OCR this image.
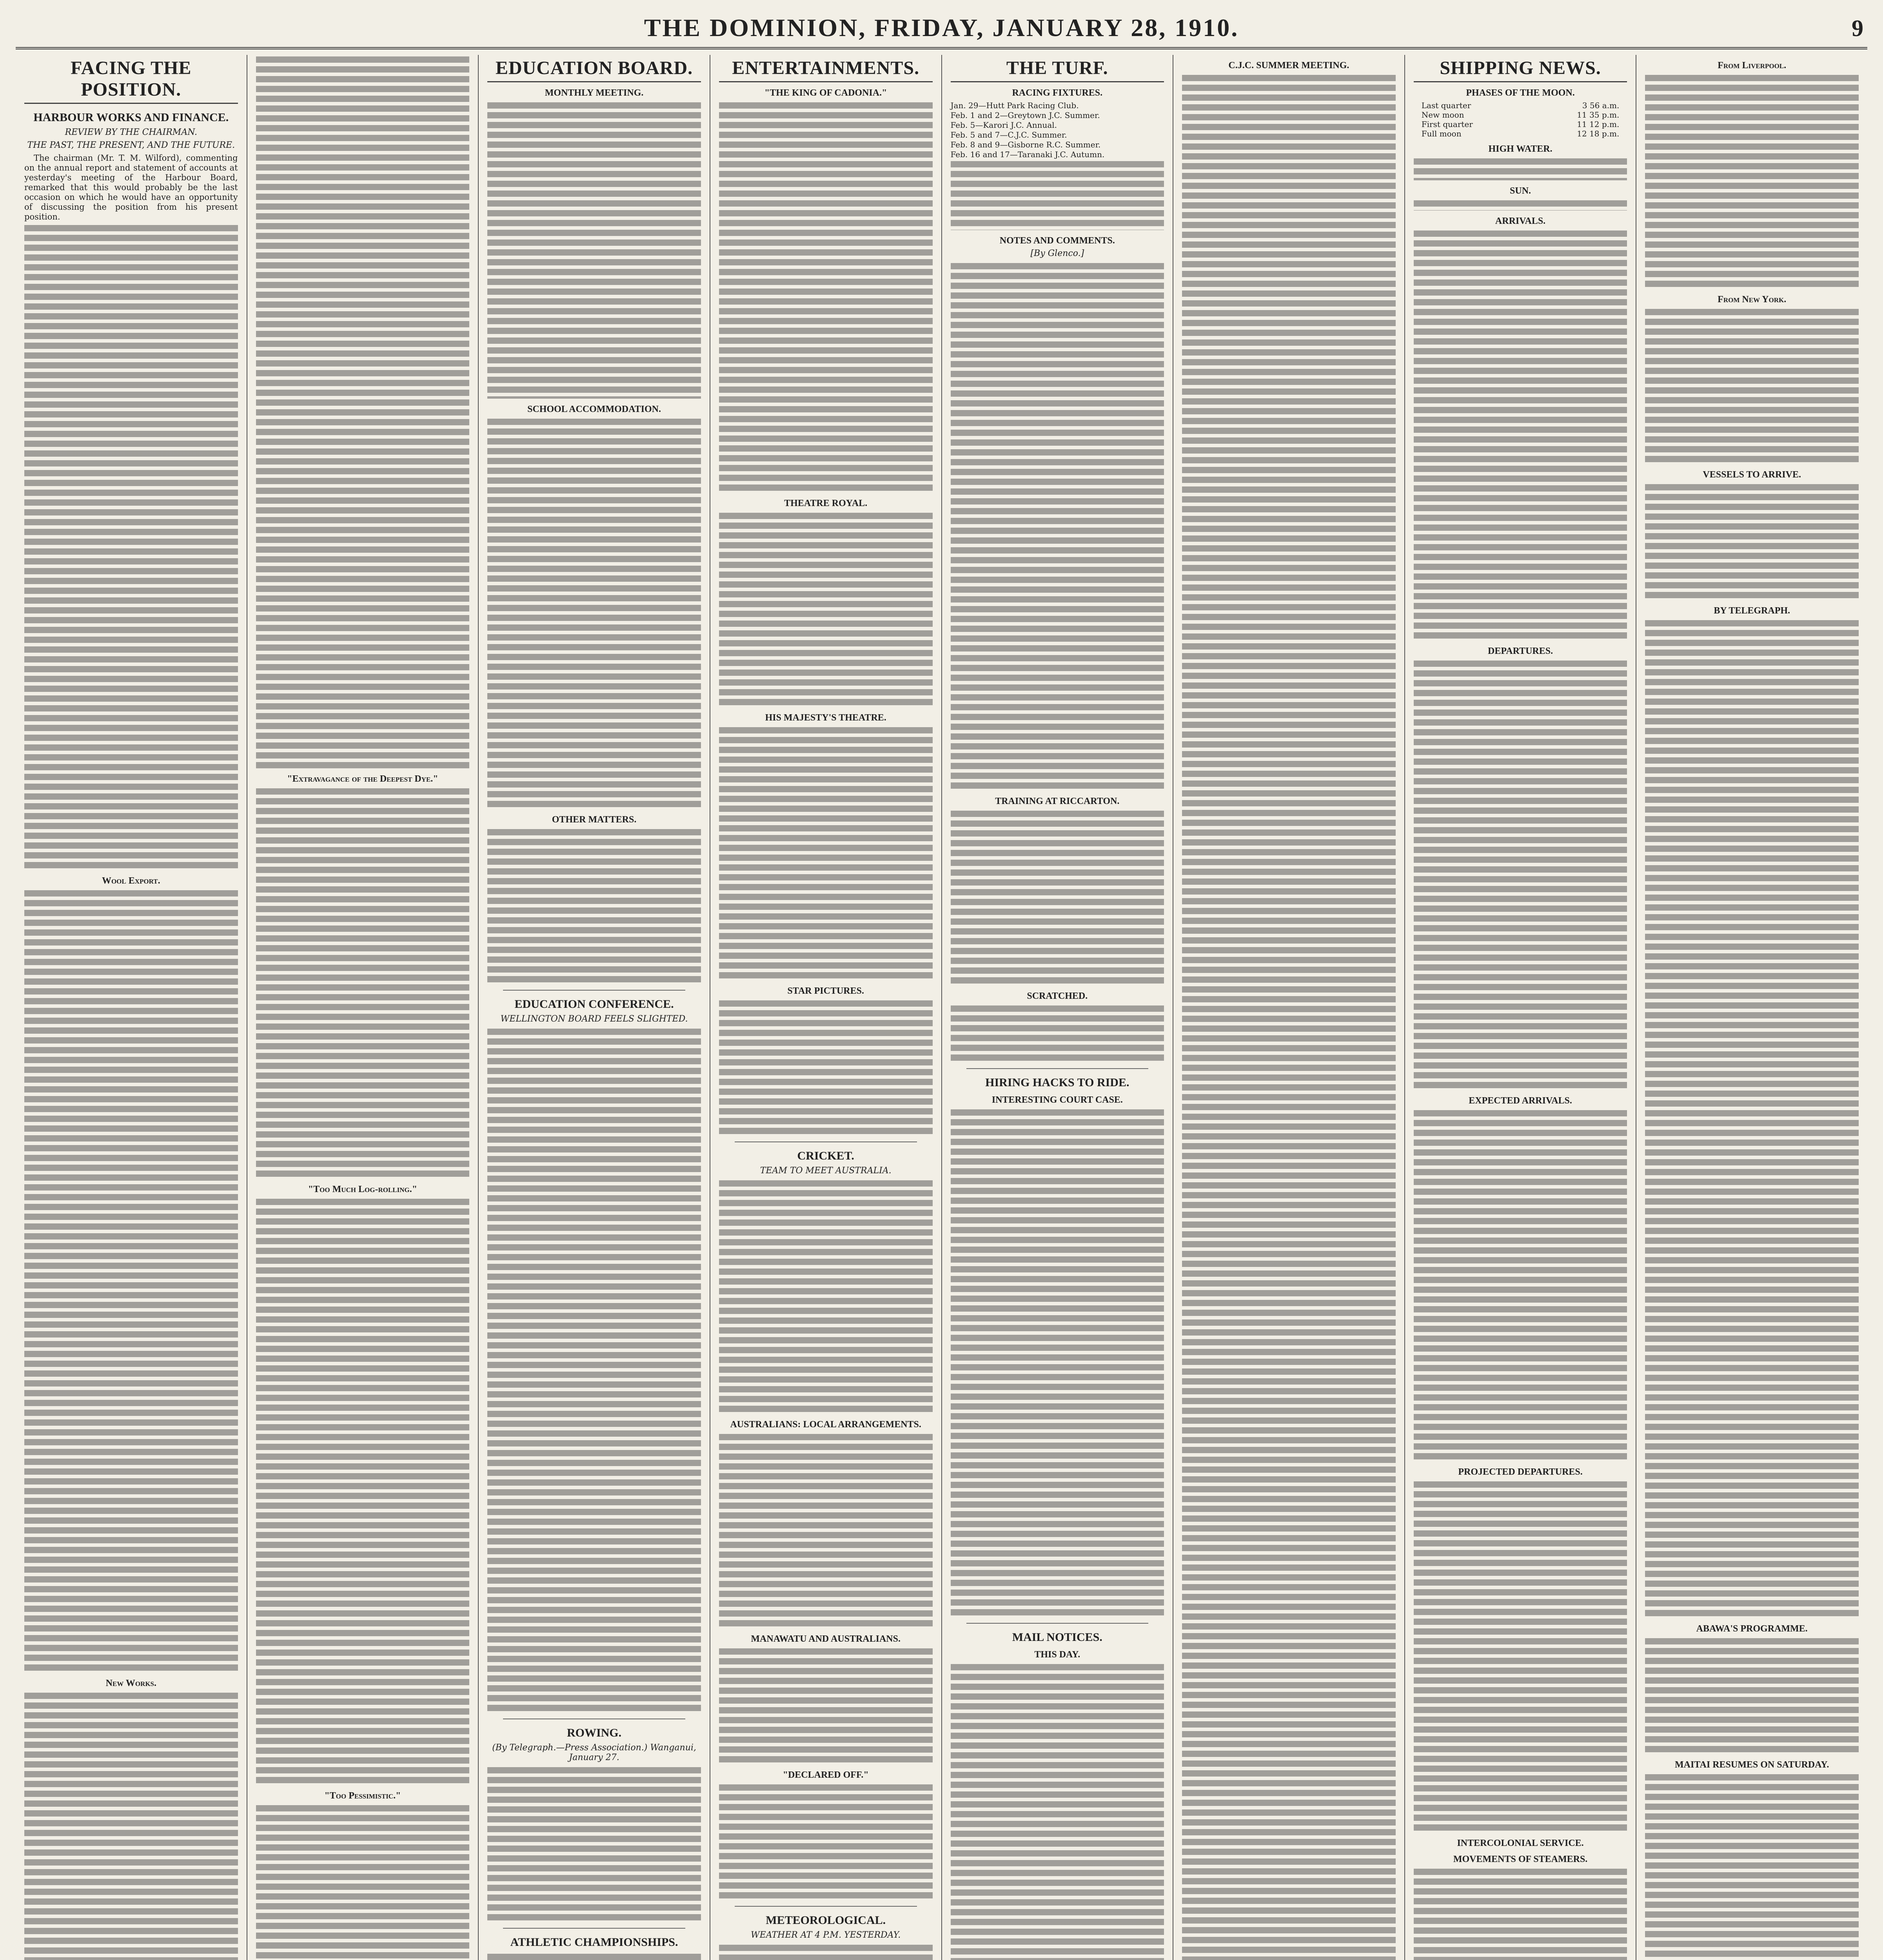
THE DOMINION, FRIDAY, JANUARY 28, 1910.	9
FACING THE POSITION.
HARBOUR WORKS AND FINANCE.
REVIEW BY THE CHAIRMAN.
THE PAST, THE PRESENT, AND THE FUTURE.

The chairman (Mr. T. M. Wilford), commenting on the annual report and statement of accounts at yesterday's meeting of the Harbour Board, remarked that this would probably be the last occasion on which he would have an opportunity of discussing the position from his present position.

Wool Export.
New Works.
"Extravagance of the Deepest Dye."
"Too Much Log-rolling."
"Too Pessimistic."
EDUCATION BOARD.
MONTHLY MEETING.
SCHOOL ACCOMMODATION.
OTHER MATTERS.
EDUCATION CONFERENCE.
WELLINGTON BOARD FEELS SLIGHTED.
ROWING.
(By Telegraph.—Press Association.) Wanganui, January 27.
ATHLETIC CHAMPIONSHIPS.
ENTERTAINMENTS.
"THE KING OF CADONIA."
THEATRE ROYAL.
HIS MAJESTY'S THEATRE.
STAR PICTURES.
CRICKET.
TEAM TO MEET AUSTRALIA.
AUSTRALIANS: LOCAL ARRANGEMENTS.
MANAWATU AND AUSTRALIANS.
"DECLARED OFF."
METEOROLOGICAL.
WEATHER AT 4 P.M. YESTERDAY.
THE TURF.
RACING FIXTURES.
Jan. 29—Hutt Park Racing Club.
Feb. 1 and 2—Greytown J.C. Summer.
Feb. 5—Karori J.C. Annual.
Feb. 5 and 7—C.J.C. Summer.
Feb. 8 and 9—Gisborne R.C. Summer.
Feb. 16 and 17—Taranaki J.C. Autumn.
NOTES AND COMMENTS.
[By Glenco.]
TRAINING AT RICCARTON.
SCRATCHED.
HIRING HACKS TO RIDE.
INTERESTING COURT CASE.
MAIL NOTICES.
THIS DAY.
C.J.C. SUMMER MEETING.	SHIPPING NEWS.
PHASES OF THE MOON.
Last quarter	3 56 a.m.
New moon	11 35 p.m.
First quarter	11 12 p.m.
Full moon	12 18 p.m.
HIGH WATER.
SUN.
ARRIVALS.
DEPARTURES.
EXPECTED ARRIVALS.
PROJECTED DEPARTURES.
INTERCOLONIAL SERVICE.
MOVEMENTS OF STEAMERS.
From Liverpool.
From New York.
VESSELS TO ARRIVE.
BY TELEGRAPH.
ABAWA'S PROGRAMME.
MAITAI RESUMES ON SATURDAY.
